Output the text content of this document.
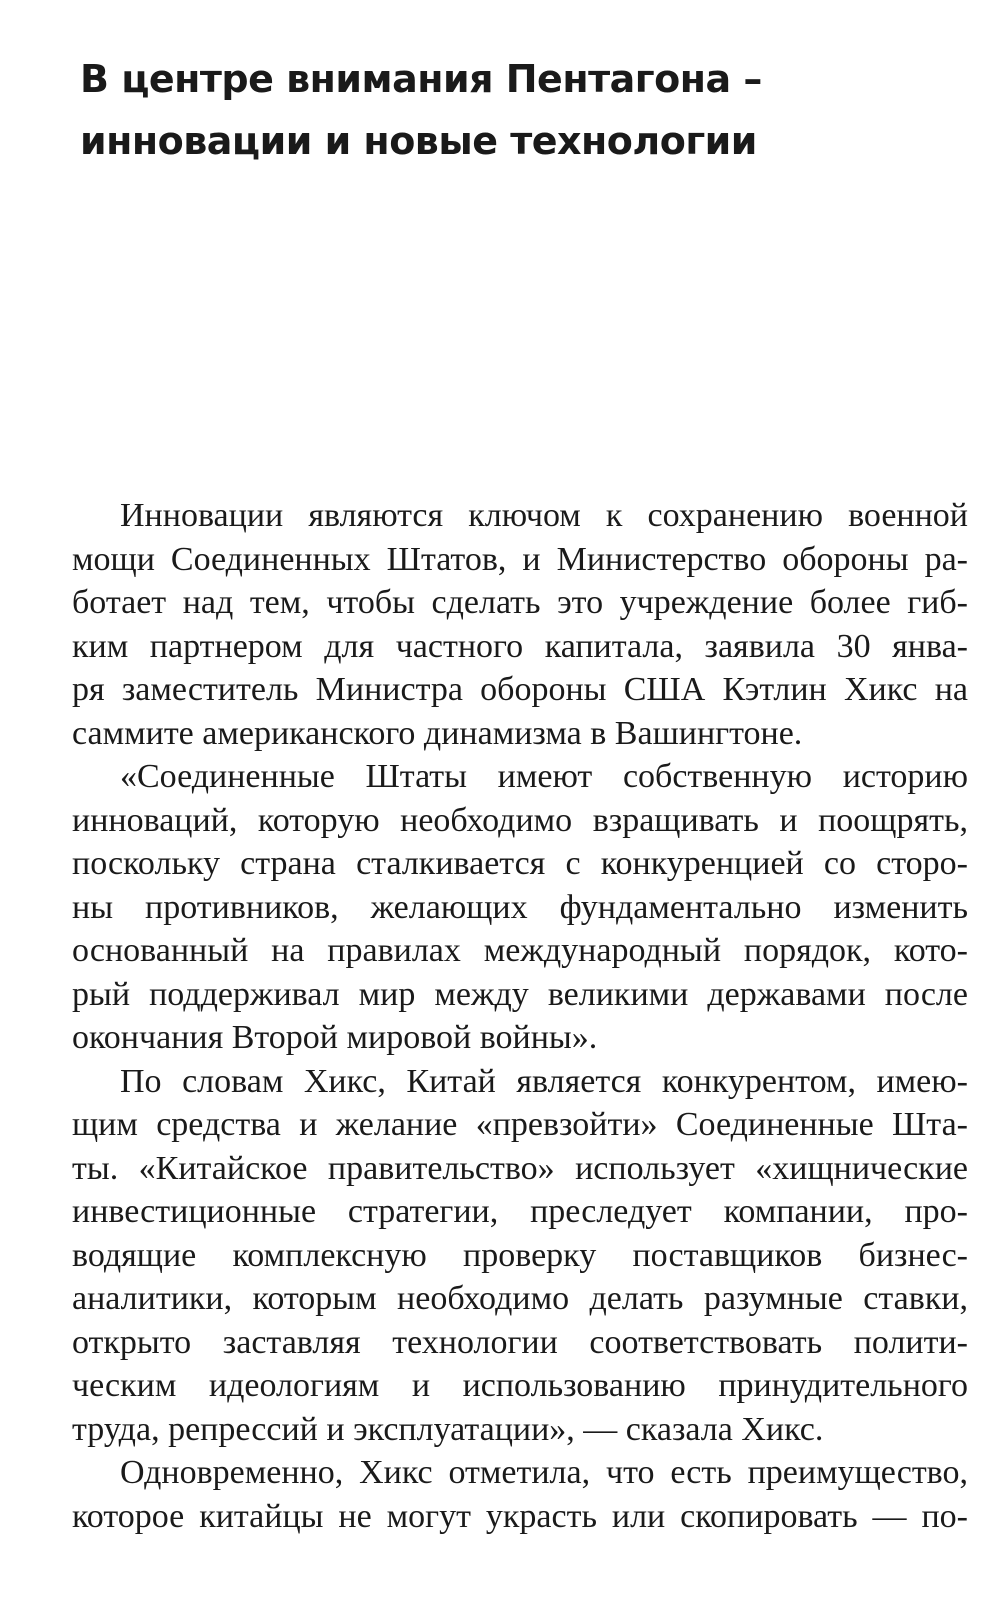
В центре внимания Пентагона –
инновации и новые технологии
Инновации являются ключом к сохранению военной
мощи Соединенных Штатов, и Министерство обороны ра-
ботает над тем, чтобы сделать это учреждение более гиб-
ким партнером для частного капитала, заявила 30 янва-
ря заместитель Министра обороны США Кэтлин Хикс на
саммите американского динамизма в Вашингтоне.
«Соединенные Штаты имеют собственную историю
инноваций, которую необходимо взращивать и поощрять,
поскольку страна сталкивается с конкуренцией со сторо-
ны противников, желающих фундаментально изменить
основанный на правилах международный порядок, кото-
рый поддерживал мир между великими державами после
окончания Второй мировой войны».
По словам Хикс, Китай является конкурентом, имею-
щим средства и желание «превзойти» Соединенные Шта-
ты. «Китайское правительство» использует «хищнические
инвестиционные стратегии, преследует компании, про-
водящие комплексную проверку поставщиков бизнес-
аналитики, которым необходимо делать разумные ставки,
открыто заставляя технологии соответствовать полити-
ческим идеологиям и использованию принудительного
труда, репрессий и эксплуатации», — сказала Хикс.
Одновременно, Хикс отметила, что есть преимущество,
которое китайцы не могут украсть или скопировать — по-
